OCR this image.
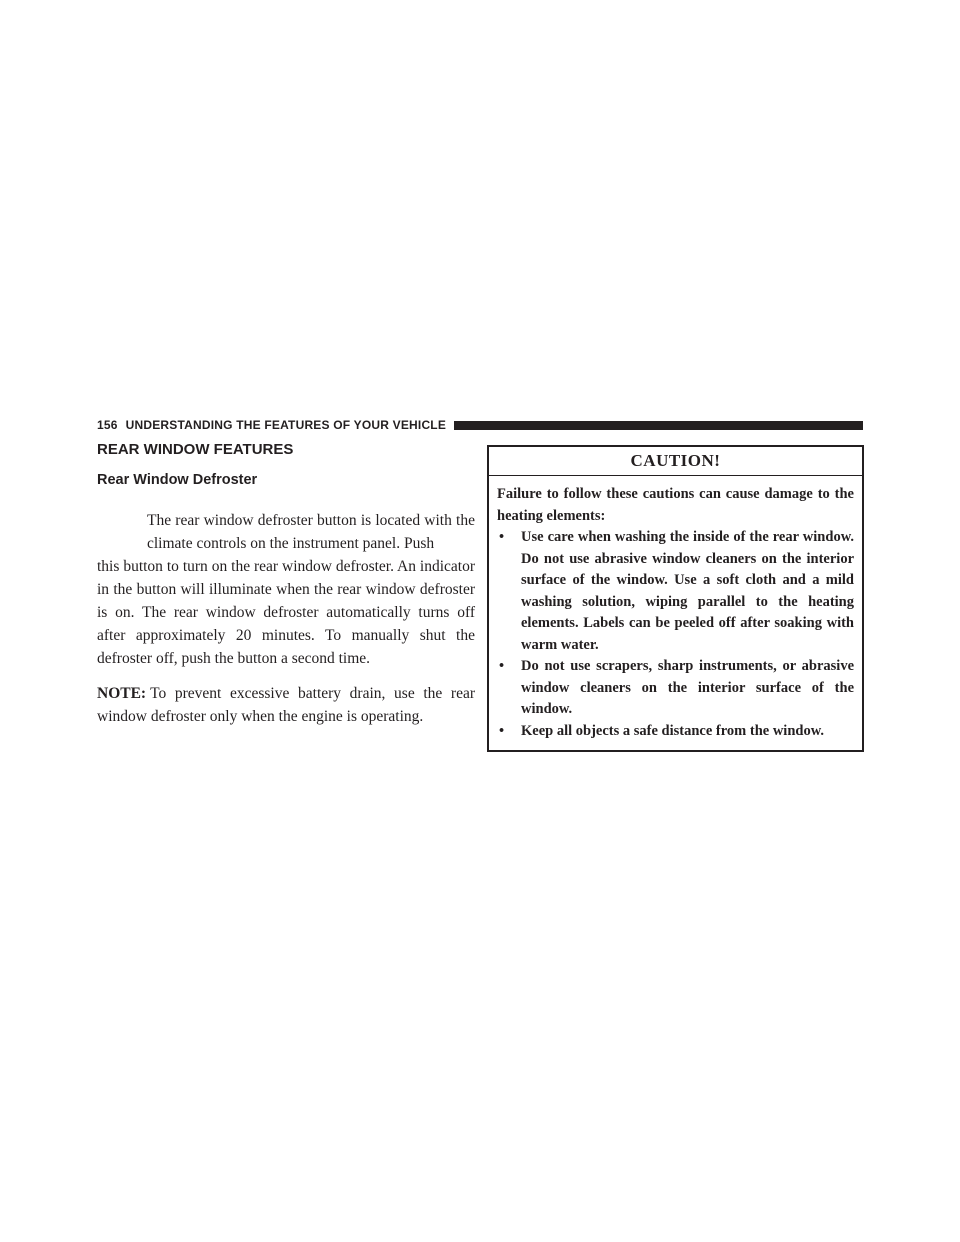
156 UNDERSTANDING THE FEATURES OF YOUR VEHICLE
REAR WINDOW FEATURES
Rear Window Defroster

The rear window defroster button is located with the climate controls on the instrument panel. Push

this button to turn on the rear window defroster. An indicator in the button will illuminate when the rear window defroster is on. The rear window defroster automatically turns off after approximately 20 minutes. To manually shut the defroster off, push the button a second time.

NOTE: To prevent excessive battery drain, use the rear window defroster only when the engine is operating.

CAUTION!

Failure to follow these cautions can cause damage to the heating elements:

• Use care when washing the inside of the rear window. Do not use abrasive window cleaners on the interior surface of the window. Use a soft cloth and a mild washing solution, wiping parallel to the heating elements. Labels can be peeled off after soaking with warm water.
• Do not use scrapers, sharp instruments, or abrasive window cleaners on the interior surface of the window.
• Keep all objects a safe distance from the window.
